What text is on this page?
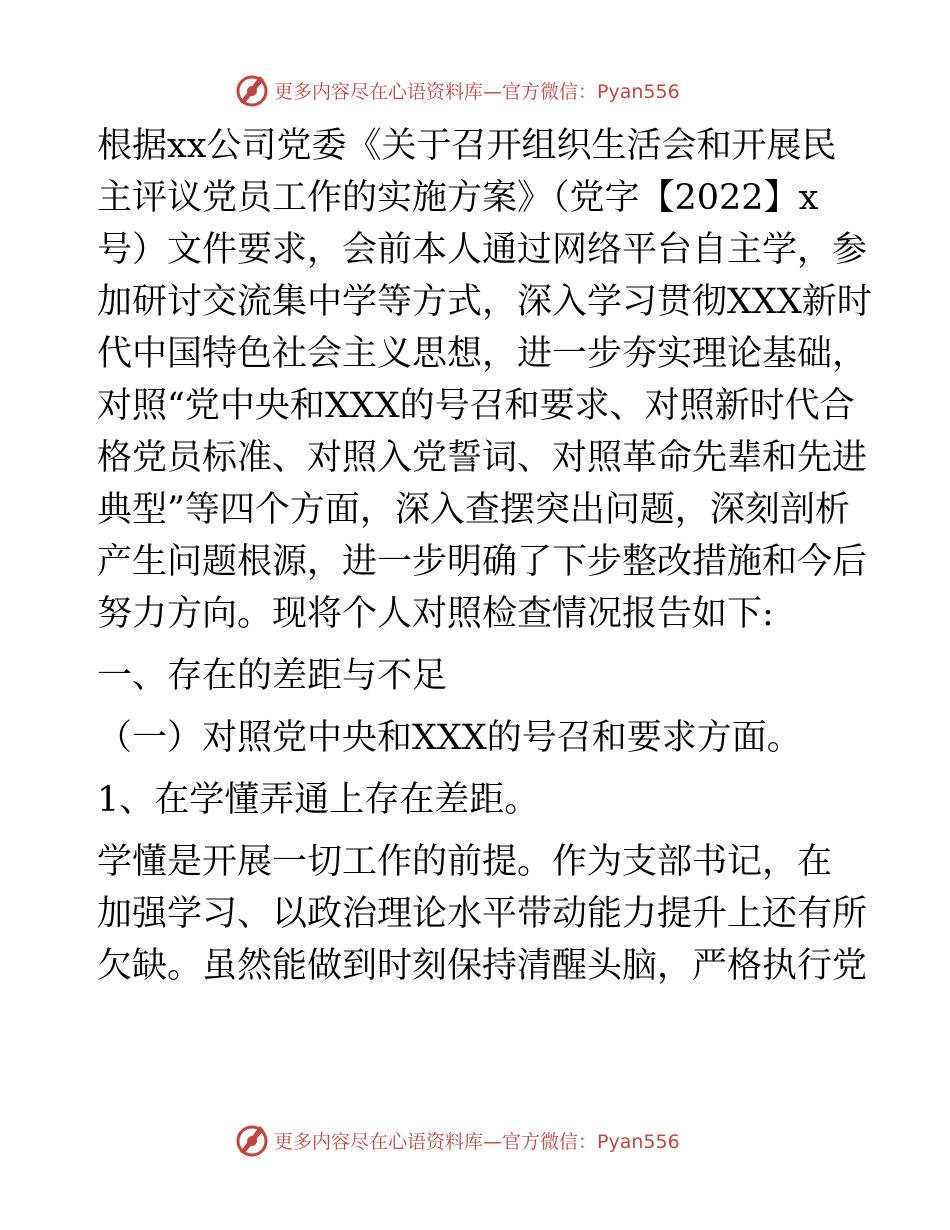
更多内容尽在心语资料库—官方微信：Pyan556
根据xx公司党委《关于召开组织生活会和开展民
主评议党员工作的实施方案》（党字【2022】x
号）文件要求，会前本人通过网络平台自主学，参
加研讨交流集中学等方式，深入学习贯彻XXX新时
代中国特色社会主义思想，进一步夯实理论基础，
对照“党中央和XXX的号召和要求、对照新时代合
格党员标准、对照入党誓词、对照革命先辈和先进
典型”等四个方面，深入查摆突出问题，深刻剖析
产生问题根源，进一步明确了下步整改措施和今后
努力方向。现将个人对照检查情况报告如下:
一、存在的差距与不足
（一）对照党中央和XXX的号召和要求方面。
1、在学懂弄通上存在差距。
学懂是开展一切工作的前提。作为支部书记，在
加强学习、以政治理论水平带动能力提升上还有所
欠缺。虽然能做到时刻保持清醒头脑，严格执行党
更多内容尽在心语资料库—官方微信：Pyan556
